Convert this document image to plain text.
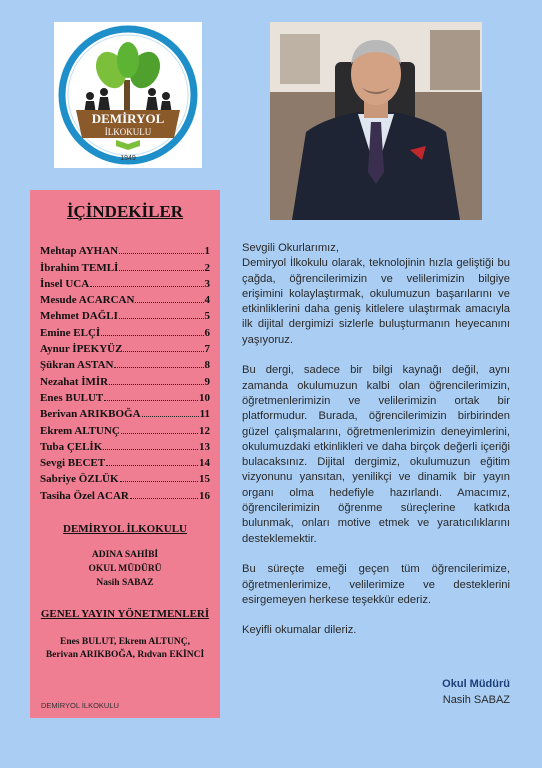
DEMİRYOL
İLKOKULU
1949
İÇİNDEKİLER
Mehtap AYHAN	1
İbrahim TEMLİ	2
İnsel UCA	3
Mesude ACARCAN	4
Mehmet DAĞLI	5
Emine ELÇİ	6
Aynur İPEKYÜZ	7
Şükran ASTAN	8
Nezahat İMİR	9
Enes BULUT	10
Berivan ARIKBOĞA	11
Ekrem ALTUNÇ	12
Tuba ÇELİK	13
Sevgi BECET	14
Sabriye ÖZLÜK	15
Tasiha Özel ACAR	16
DEMİRYOL İLKOKULU
ADINA SAHİBİ
OKUL MÜDÜRÜ
Nasih SABAZ
GENEL YAYIN YÖNETMENLERİ
Enes BULUT, Ekrem ALTUNÇ,
Berivan ARIKBOĞA, Rıdvan EKİNCİ
DEMİRYOL İLKOKULU

Sevgili Okurlarımız,

Demiryol İlkokulu olarak, teknolojinin hızla geliştiği bu çağda, öğrencilerimizin ve velilerimizin bilgiye erişimini kolaylaştırmak, okulumuzun başarılarını ve etkinliklerini daha geniş kitlelere ulaştırmak amacıyla ilk dijital dergimizi sizlerle buluşturmanın heyecanını yaşıyoruz.

Bu dergi, sadece bir bilgi kaynağı değil, aynı zamanda okulumuzun kalbi olan öğrencilerimizin, öğretmenlerimizin ve velilerimizin ortak bir platformudur. Burada, öğrencilerimizin birbirinden güzel çalışmalarını, öğretmenlerimizin deneyimlerini, okulumuzdaki etkinlikleri ve daha birçok değerli içeriği bulacaksınız. Dijital dergimiz, okulumuzun eğitim vizyonunu yansıtan, yenilikçi ve dinamik bir yayın organı olma hedefiyle hazırlandı. Amacımız, öğrencilerimizin öğrenme süreçlerine katkıda bulunmak, onları motive etmek ve yaratıcılıklarını desteklemektir.

Bu süreçte emeği geçen tüm öğrencilerimize, öğretmenlerimize, velilerimize ve desteklerini esirgemeyen herkese teşekkür ederiz.

Keyifli okumalar dileriz.

Okul Müdürü
Nasih SABAZ
